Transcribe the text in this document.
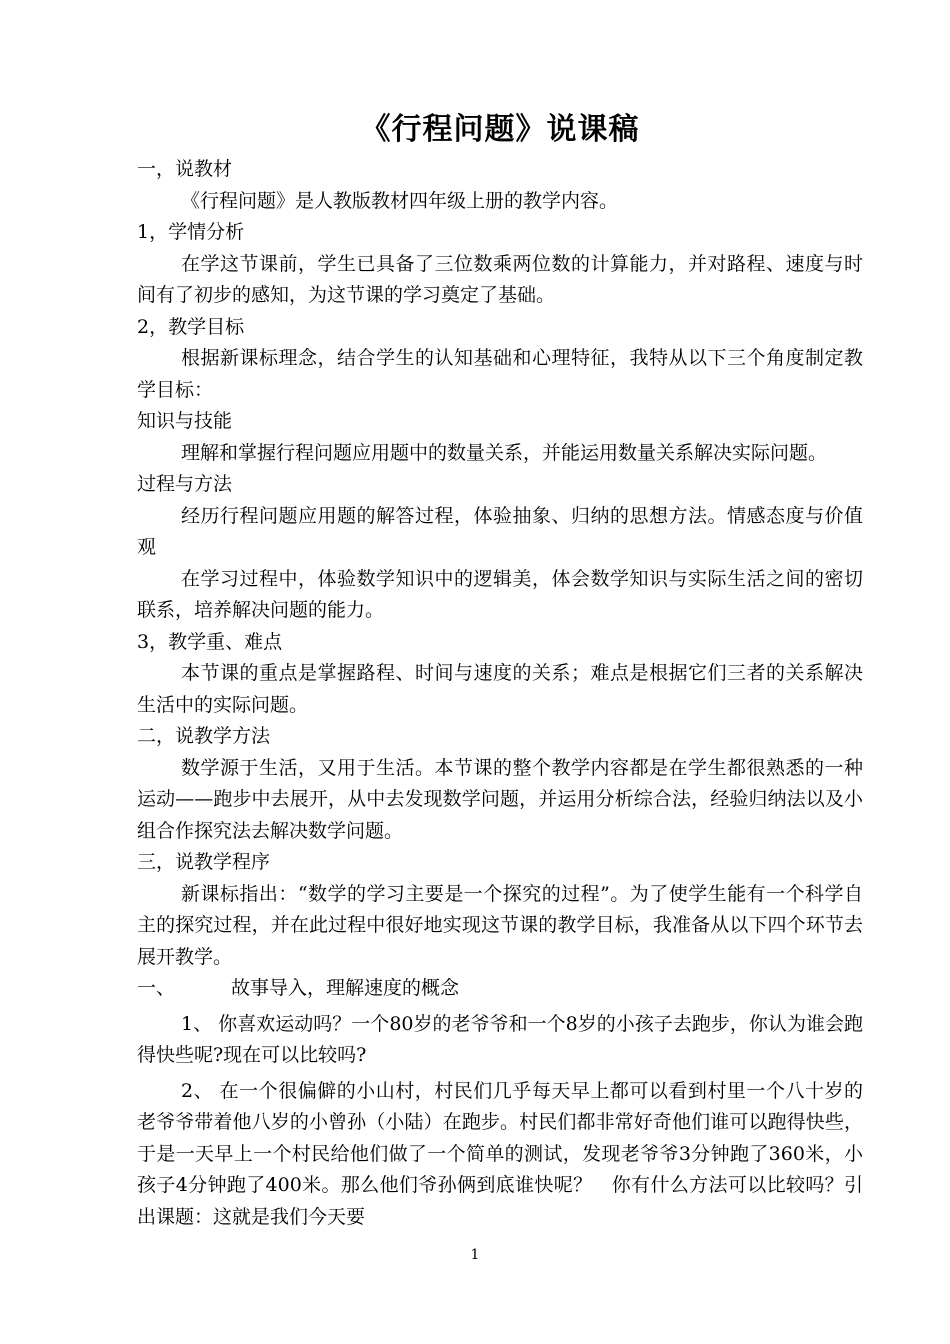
《行程问题》说课稿

一，说教材

《行程问题》是人教版教材四年级上册的教学内容。

1，学情分析

在学这节课前，学生已具备了三位数乘两位数的计算能力，并对路程、速度与时间有了初步的感知，为这节课的学习奠定了基础。

2，教学目标

根据新课标理念，结合学生的认知基础和心理特征，我特从以下三个角度制定教学目标：

知识与技能

理解和掌握行程问题应用题中的数量关系，并能运用数量关系解决实际问题。

过程与方法

经历行程问题应用题的解答过程，体验抽象、归纳的思想方法。情感态度与价值观

在学习过程中，体验数学知识中的逻辑美，体会数学知识与实际生活之间的密切联系，培养解决问题的能力。

3，教学重、难点

本节课的重点是掌握路程、时间与速度的关系；难点是根据它们三者的关系解决生活中的实际问题。

二，说教学方法

数学源于生活，又用于生活。本节课的整个教学内容都是在学生都很熟悉的一种运动——跑步中去展开，从中去发现数学问题，并运用分析综合法，经验归纳法以及小组合作探究法去解决数学问题。

三，说教学程序

新课标指出：“数学的学习主要是一个探究的过程”。为了使学生能有一个科学自主的探究过程，并在此过程中很好地实现这节课的教学目标，我准备从以下四个环节去展开教学。

一、	故事导入，理解速度的概念

1、 你喜欢运动吗？一个80岁的老爷爷和一个8岁的小孩子去跑步，你认为谁会跑得快些呢?现在可以比较吗?

2、 在一个很偏僻的小山村，村民们几乎每天早上都可以看到村里一个八十岁的老爷爷带着他八岁的小曾孙（小陆）在跑步。村民们都非常好奇他们谁可以跑得快些，于是一天早上一个村民给他们做了一个简单的测试，发现老爷爷3分钟跑了360米，小孩子4分钟跑了400米。那么他们爷孙俩到底谁快呢？　你有什么方法可以比较吗？引出课题：这就是我们今天要

1
